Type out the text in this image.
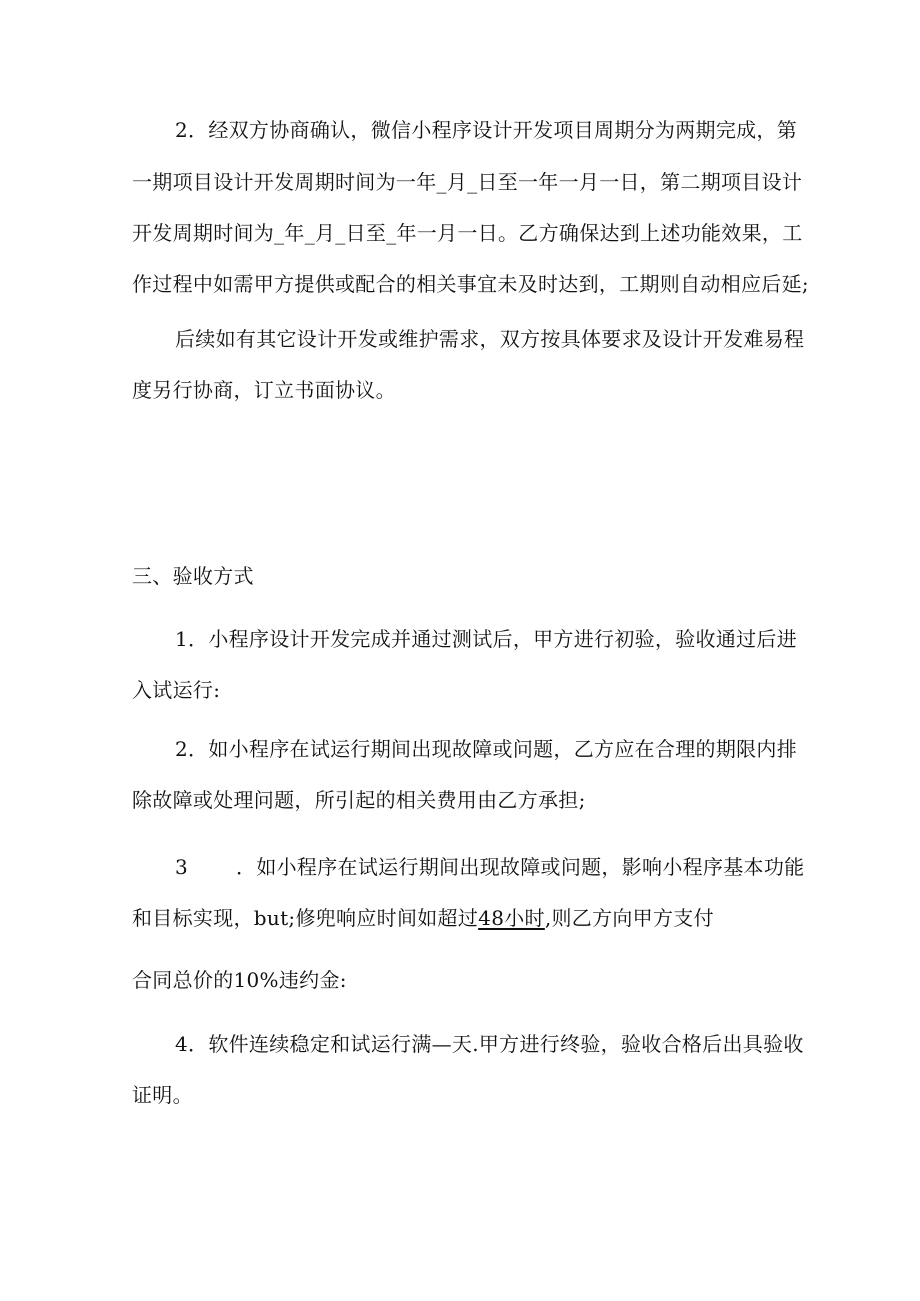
2．经双方协商确认，微信小程序设计开发项目周期分为两期完成，第
一期项目设计开发周期时间为一年_月_日至一年一月一日，第二期项目设计
开发周期时间为_年_月_日至_年一月一日。乙方确保达到上述功能效果，工
作过程中如需甲方提供或配合的相关事宜未及时达到，工期则自动相应后延;
后续如有其它设计开发或维护需求，双方按具体要求及设计开发难易程
度另行协商，订立书面协议。
三、验收方式
1．小程序设计开发完成并通过测试后，甲方进行初验，验收通过后进
入试运行:
2．如小程序在试运行期间出现故障或问题，乙方应在合理的期限内排
除故障或处理问题，所引起的相关费用由乙方承担;
3 ．如小程序在试运行期间出现故障或问题，影响小程序基本功能
和目标实现，but;修兜响应时间如超过48小时,则乙方向甲方支付
合同总价的10%违约金:
4．软件连续稳定和试运行满—天.甲方进行终验，验收合格后出具验收
证明。
